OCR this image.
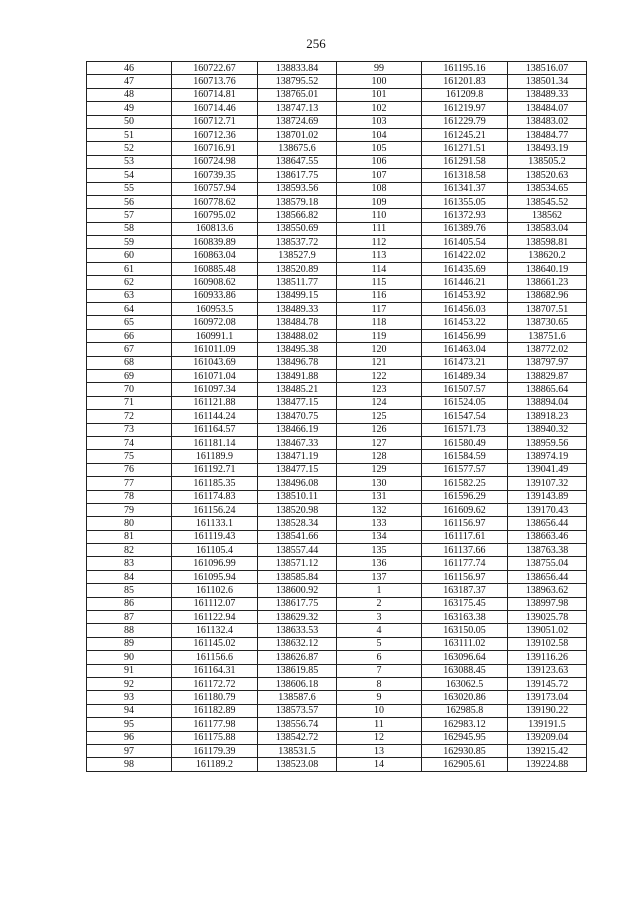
256
46	160722.67	138833.84	99	161195.16	138516.07
47	160713.76	138795.52	100	161201.83	138501.34
48	160714.81	138765.01	101	161209.8	138489.33
49	160714.46	138747.13	102	161219.97	138484.07
50	160712.71	138724.69	103	161229.79	138483.02
51	160712.36	138701.02	104	161245.21	138484.77
52	160716.91	138675.6	105	161271.51	138493.19
53	160724.98	138647.55	106	161291.58	138505.2
54	160739.35	138617.75	107	161318.58	138520.63
55	160757.94	138593.56	108	161341.37	138534.65
56	160778.62	138579.18	109	161355.05	138545.52
57	160795.02	138566.82	110	161372.93	138562
58	160813.6	138550.69	111	161389.76	138583.04
59	160839.89	138537.72	112	161405.54	138598.81
60	160863.04	138527.9	113	161422.02	138620.2
61	160885.48	138520.89	114	161435.69	138640.19
62	160908.62	138511.77	115	161446.21	138661.23
63	160933.86	138499.15	116	161453.92	138682.96
64	160953.5	138489.33	117	161456.03	138707.51
65	160972.08	138484.78	118	161453.22	138730.65
66	160991.1	138488.02	119	161456.99	138751.6
67	161011.09	138495.38	120	161463.04	138772.02
68	161043.69	138496.78	121	161473.21	138797.97
69	161071.04	138491.88	122	161489.34	138829.87
70	161097.34	138485.21	123	161507.57	138865.64
71	161121.88	138477.15	124	161524.05	138894.04
72	161144.24	138470.75	125	161547.54	138918.23
73	161164.57	138466.19	126	161571.73	138940.32
74	161181.14	138467.33	127	161580.49	138959.56
75	161189.9	138471.19	128	161584.59	138974.19
76	161192.71	138477.15	129	161577.57	139041.49
77	161185.35	138496.08	130	161582.25	139107.32
78	161174.83	138510.11	131	161596.29	139143.89
79	161156.24	138520.98	132	161609.62	139170.43
80	161133.1	138528.34	133	161156.97	138656.44
81	161119.43	138541.66	134	161117.61	138663.46
82	161105.4	138557.44	135	161137.66	138763.38
83	161096.99	138571.12	136	161177.74	138755.04
84	161095.94	138585.84	137	161156.97	138656.44
85	161102.6	138600.92	1	163187.37	138963.62
86	161112.07	138617.75	2	163175.45	138997.98
87	161122.94	138629.32	3	163163.38	139025.78
88	161132.4	138633.53	4	163150.05	139051.02
89	161145.02	138632.12	5	163111.02	139102.58
90	161156.6	138626.87	6	163096.64	139116.26
91	161164.31	138619.85	7	163088.45	139123.63
92	161172.72	138606.18	8	163062.5	139145.72
93	161180.79	138587.6	9	163020.86	139173.04
94	161182.89	138573.57	10	162985.8	139190.22
95	161177.98	138556.74	11	162983.12	139191.5
96	161175.88	138542.72	12	162945.95	139209.04
97	161179.39	138531.5	13	162930.85	139215.42
98	161189.2	138523.08	14	162905.61	139224.88
